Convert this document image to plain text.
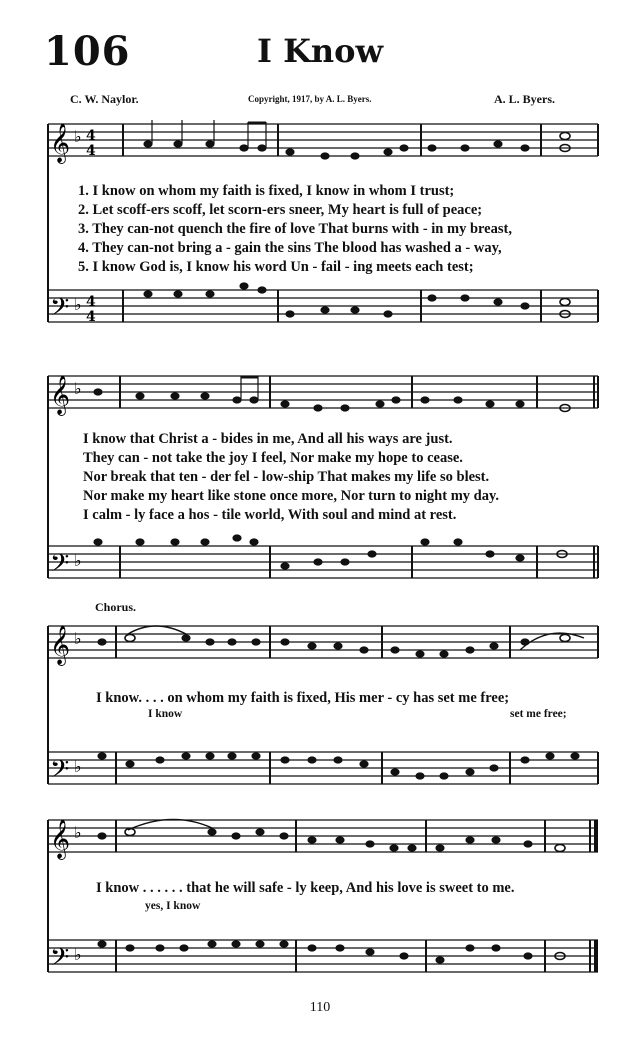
106	I Know
C. W. Naylor.	Copyright, 1917, by A. L. Byers.	A. L. Byers.
𝄞 ♭ 4
4
𝄢 ♭ 4
4
1. I know on whom my faith is fixed, I know in whom I trust;
2. Let scoff-ers scoff, let scorn-ers sneer, My heart is full of peace;
3. They can-not quench the fire of love That burns with - in my breast,
4. They can-not bring a - gain the sins The blood has washed a - way,
5. I know God is, I know his word Un - fail - ing meets each test;
𝄞 ♭
𝄢 ♭
I know that Christ a - bides in me, And all his ways are just.
They can - not take the joy I feel, Nor make my hope to cease.
Nor break that ten - der fel - low-ship That makes my life so blest.
Nor make my heart like stone once more, Nor turn to night my day.
I calm - ly face a hos - tile world, With soul and mind at rest.
Chorus.
𝄞 ♭
𝄢 ♭
I know. . . . on whom my faith is fixed, His mer - cy has set me free;
I know	set me free;
𝄞 ♭
𝄢 ♭
I know . . . . . . that he will safe - ly keep, And his love is sweet to me.
yes, I know
110
